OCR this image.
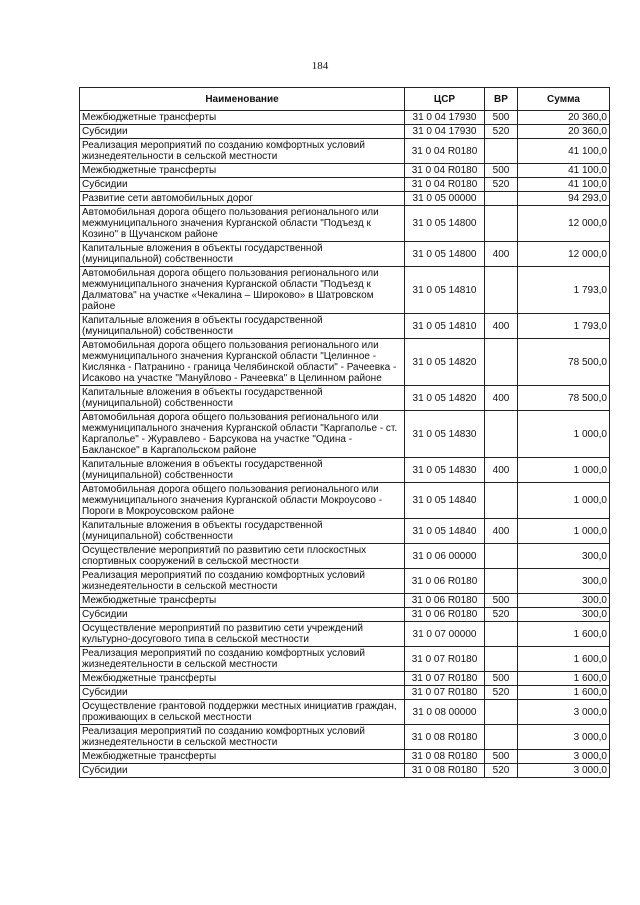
184
Наименование	ЦСР	ВР	Сумма
Межбюджетные трансферты	31 0 04 17930	500	20 360,0
Субсидии	31 0 04 17930	520	20 360,0
Реализация мероприятий по созданию комфортных условий жизнедеятельности в сельской местности	31 0 04 R0180		41 100,0
Межбюджетные трансферты	31 0 04 R0180	500	41 100,0
Субсидии	31 0 04 R0180	520	41 100,0
Развитие сети автомобильных дорог	31 0 05 00000		94 293,0
Автомобильная дорога общего пользования регионального или межмуниципального значения Курганской области "Подъезд к Козино" в Щучанском районе	31 0 05 14800		12 000,0
Капитальные вложения в объекты государственной (муниципальной) собственности	31 0 05 14800	400	12 000,0
Автомобильная дорога общего пользования регионального или межмуниципального значения Курганской области "Подъезд к Далматова" на участке «Чекалина – Широково» в Шатровском районе	31 0 05 14810		1 793,0
Капитальные вложения в объекты государственной (муниципальной) собственности	31 0 05 14810	400	1 793,0
Автомобильная дорога общего пользования регионального или межмуниципального значения Курганской области "Целинное - Кислянка - Патранино - граница Челябинской области" - Рачеевка - Исаково на участке "Мануйлово - Рачеевка" в Целинном районе	31 0 05 14820		78 500,0
Капитальные вложения в объекты государственной (муниципальной) собственности	31 0 05 14820	400	78 500,0
Автомобильная дорога общего пользования регионального или межмуниципального значения Курганской области "Каргаполье - ст. Каргаполье" - Журавлево - Барсукова на участке "Одина - Бакланское" в Каргапольском районе	31 0 05 14830		1 000,0
Капитальные вложения в объекты государственной (муниципальной) собственности	31 0 05 14830	400	1 000,0
Автомобильная дорога общего пользования регионального или межмуниципального значения Курганской области Мокроусово - Пороги в Мокроусовском районе	31 0 05 14840		1 000,0
Капитальные вложения в объекты государственной (муниципальной) собственности	31 0 05 14840	400	1 000,0
Осуществление мероприятий по развитию сети плоскостных спортивных сооружений в сельской местности	31 0 06 00000		300,0
Реализация мероприятий по созданию комфортных условий жизнедеятельности в сельской местности	31 0 06 R0180		300,0
Межбюджетные трансферты	31 0 06 R0180	500	300,0
Субсидии	31 0 06 R0180	520	300,0
Осуществление мероприятий по развитию сети учреждений культурно-досугового типа в сельской местности	31 0 07 00000		1 600,0
Реализация мероприятий по созданию комфортных условий жизнедеятельности в сельской местности	31 0 07 R0180		1 600,0
Межбюджетные трансферты	31 0 07 R0180	500	1 600,0
Субсидии	31 0 07 R0180	520	1 600,0
Осуществление грантовой поддержки местных инициатив граждан, проживающих в сельской местности	31 0 08 00000		3 000,0
Реализация мероприятий по созданию комфортных условий жизнедеятельности в сельской местности	31 0 08 R0180		3 000,0
Межбюджетные трансферты	31 0 08 R0180	500	3 000,0
Субсидии	31 0 08 R0180	520	3 000,0
